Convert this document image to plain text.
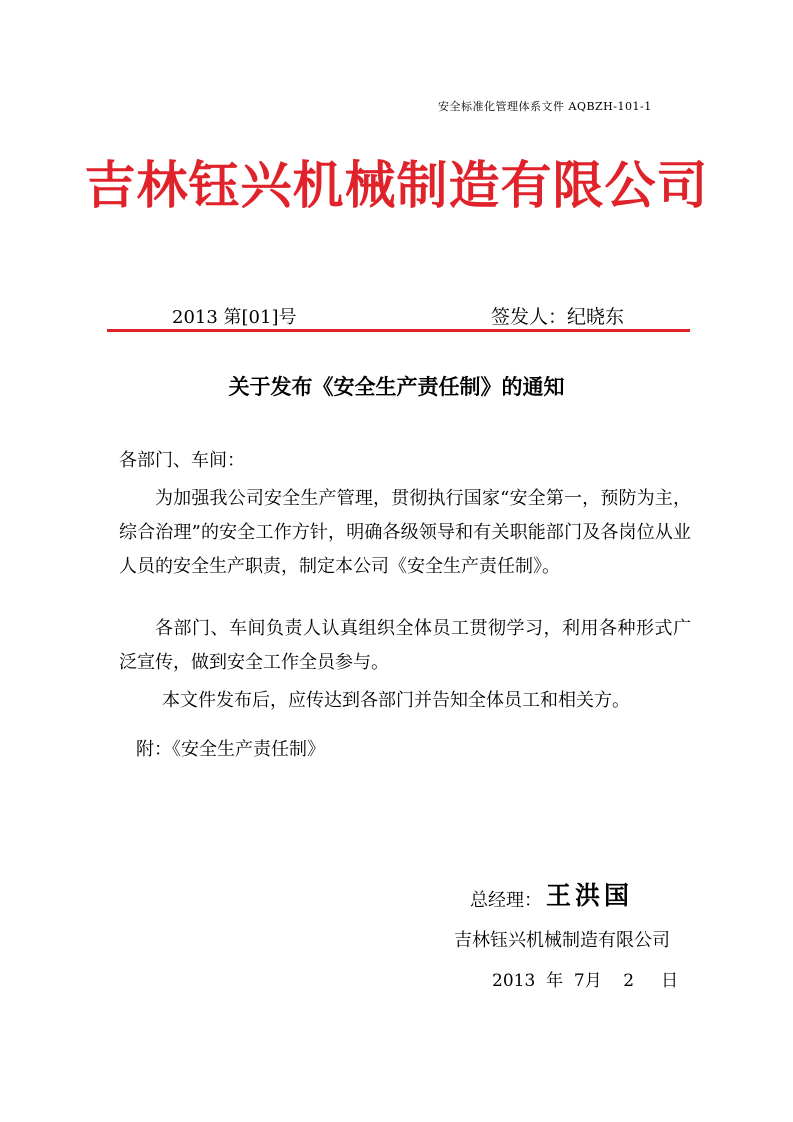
安全标准化管理体系文件 AQBZH-101-1
吉林钰兴机械制造有限公司
2013 第[01]号	签发人：纪晓东
关于发布《安全生产责任制》的通知
各部门、车间：
为加强我公司安全生产管理，贯彻执行国家“安全第一，预防为主，综合治理”的安全工作方针，明确各级领导和有关职能部门及各岗位从业人员的安全生产职责，制定本公司《安全生产责任制》。
各部门、车间负责人认真组织全体员工贯彻学习，利用各种形式广泛宣传，做到安全工作全员参与。
本文件发布后，应传达到各部门并告知全体员工和相关方。
附：《安全生产责任制》
总经理： 王洪国
吉林钰兴机械制造有限公司
2013  年  7月    2     日
